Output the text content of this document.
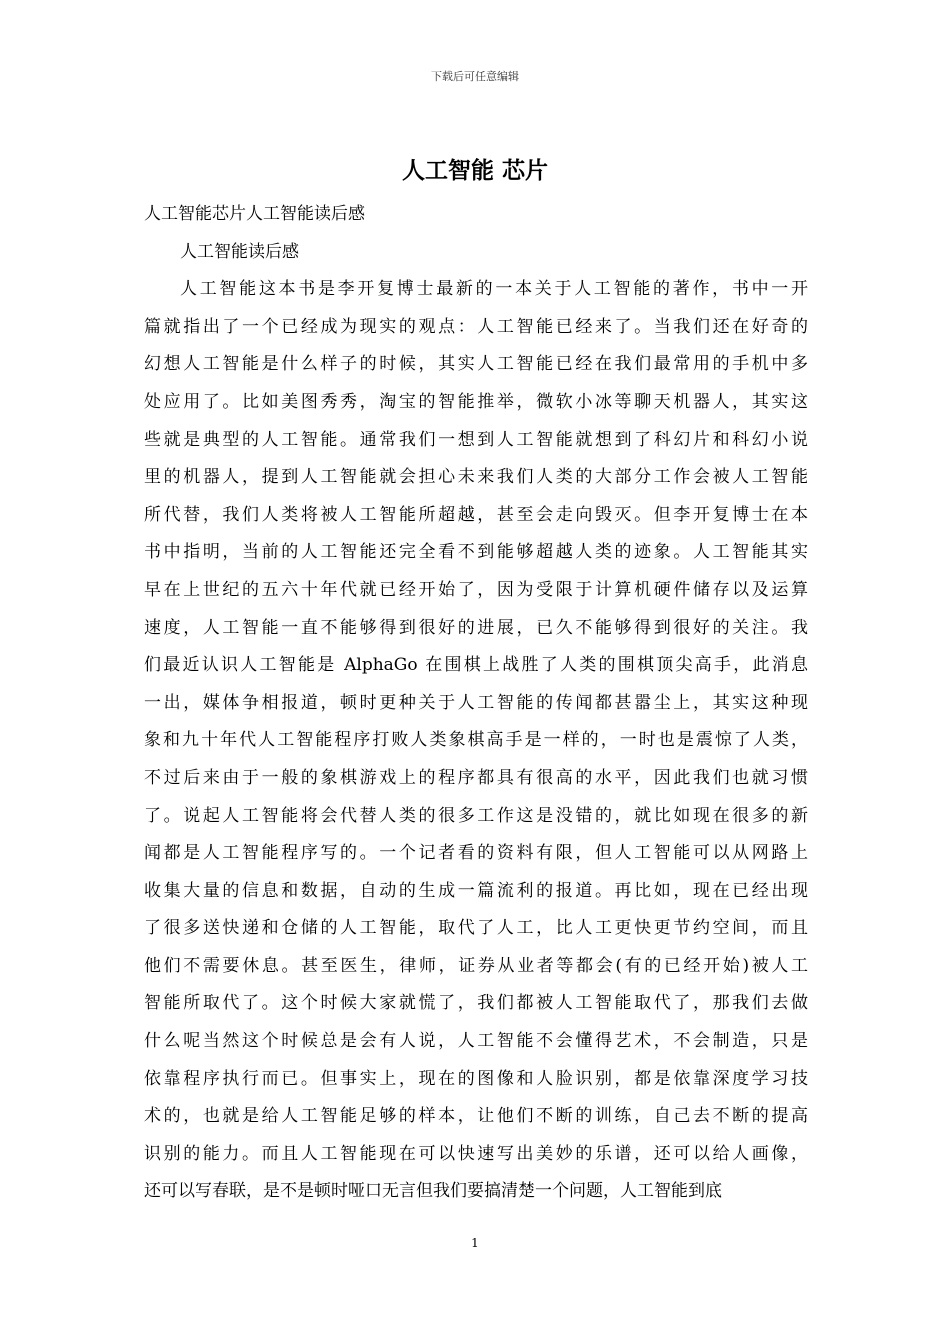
下载后可任意编辑
人工智能 芯片
人工智能芯片人工智能读后感
人工智能读后感

人工智能这本书是李开复博士最新的一本关于人工智能的著作，书中一开
篇就指出了一个已经成为现实的观点：人工智能已经来了。当我们还在好奇的
幻想人工智能是什么样子的时候，其实人工智能已经在我们最常用的手机中多
处应用了。比如美图秀秀，淘宝的智能推举，微软小冰等聊天机器人，其实这
些就是典型的人工智能。通常我们一想到人工智能就想到了科幻片和科幻小说
里的机器人，提到人工智能就会担心未来我们人类的大部分工作会被人工智能
所代替，我们人类将被人工智能所超越，甚至会走向毁灭。但李开复博士在本
书中指明，当前的人工智能还完全看不到能够超越人类的迹象。人工智能其实
早在上世纪的五六十年代就已经开始了，因为受限于计算机硬件储存以及运算
速度，人工智能一直不能够得到很好的进展，已久不能够得到很好的关注。我
们最近认识人工智能是 AlphaGo 在围棋上战胜了人类的围棋顶尖高手，此消息
一出，媒体争相报道，顿时更种关于人工智能的传闻都甚嚣尘上，其实这种现
象和九十年代人工智能程序打败人类象棋高手是一样的，一时也是震惊了人类，
不过后来由于一般的象棋游戏上的程序都具有很高的水平，因此我们也就习惯
了。说起人工智能将会代替人类的很多工作这是没错的，就比如现在很多的新
闻都是人工智能程序写的。一个记者看的资料有限，但人工智能可以从网路上
收集大量的信息和数据，自动的生成一篇流利的报道。再比如，现在已经出现
了很多送快递和仓储的人工智能，取代了人工，比人工更快更节约空间，而且
他们不需要休息。甚至医生，律师，证券从业者等都会(有的已经开始)被人工
智能所取代了。这个时候大家就慌了，我们都被人工智能取代了，那我们去做
什么呢当然这个时候总是会有人说，人工智能不会懂得艺术，不会制造，只是
依靠程序执行而已。但事实上，现在的图像和人脸识别，都是依靠深度学习技
术的，也就是给人工智能足够的样本，让他们不断的训练，自己去不断的提高
识别的能力。而且人工智能现在可以快速写出美妙的乐谱，还可以给人画像，
还可以写春联，是不是顿时哑口无言但我们要搞清楚一个问题，人工智能到底

1
